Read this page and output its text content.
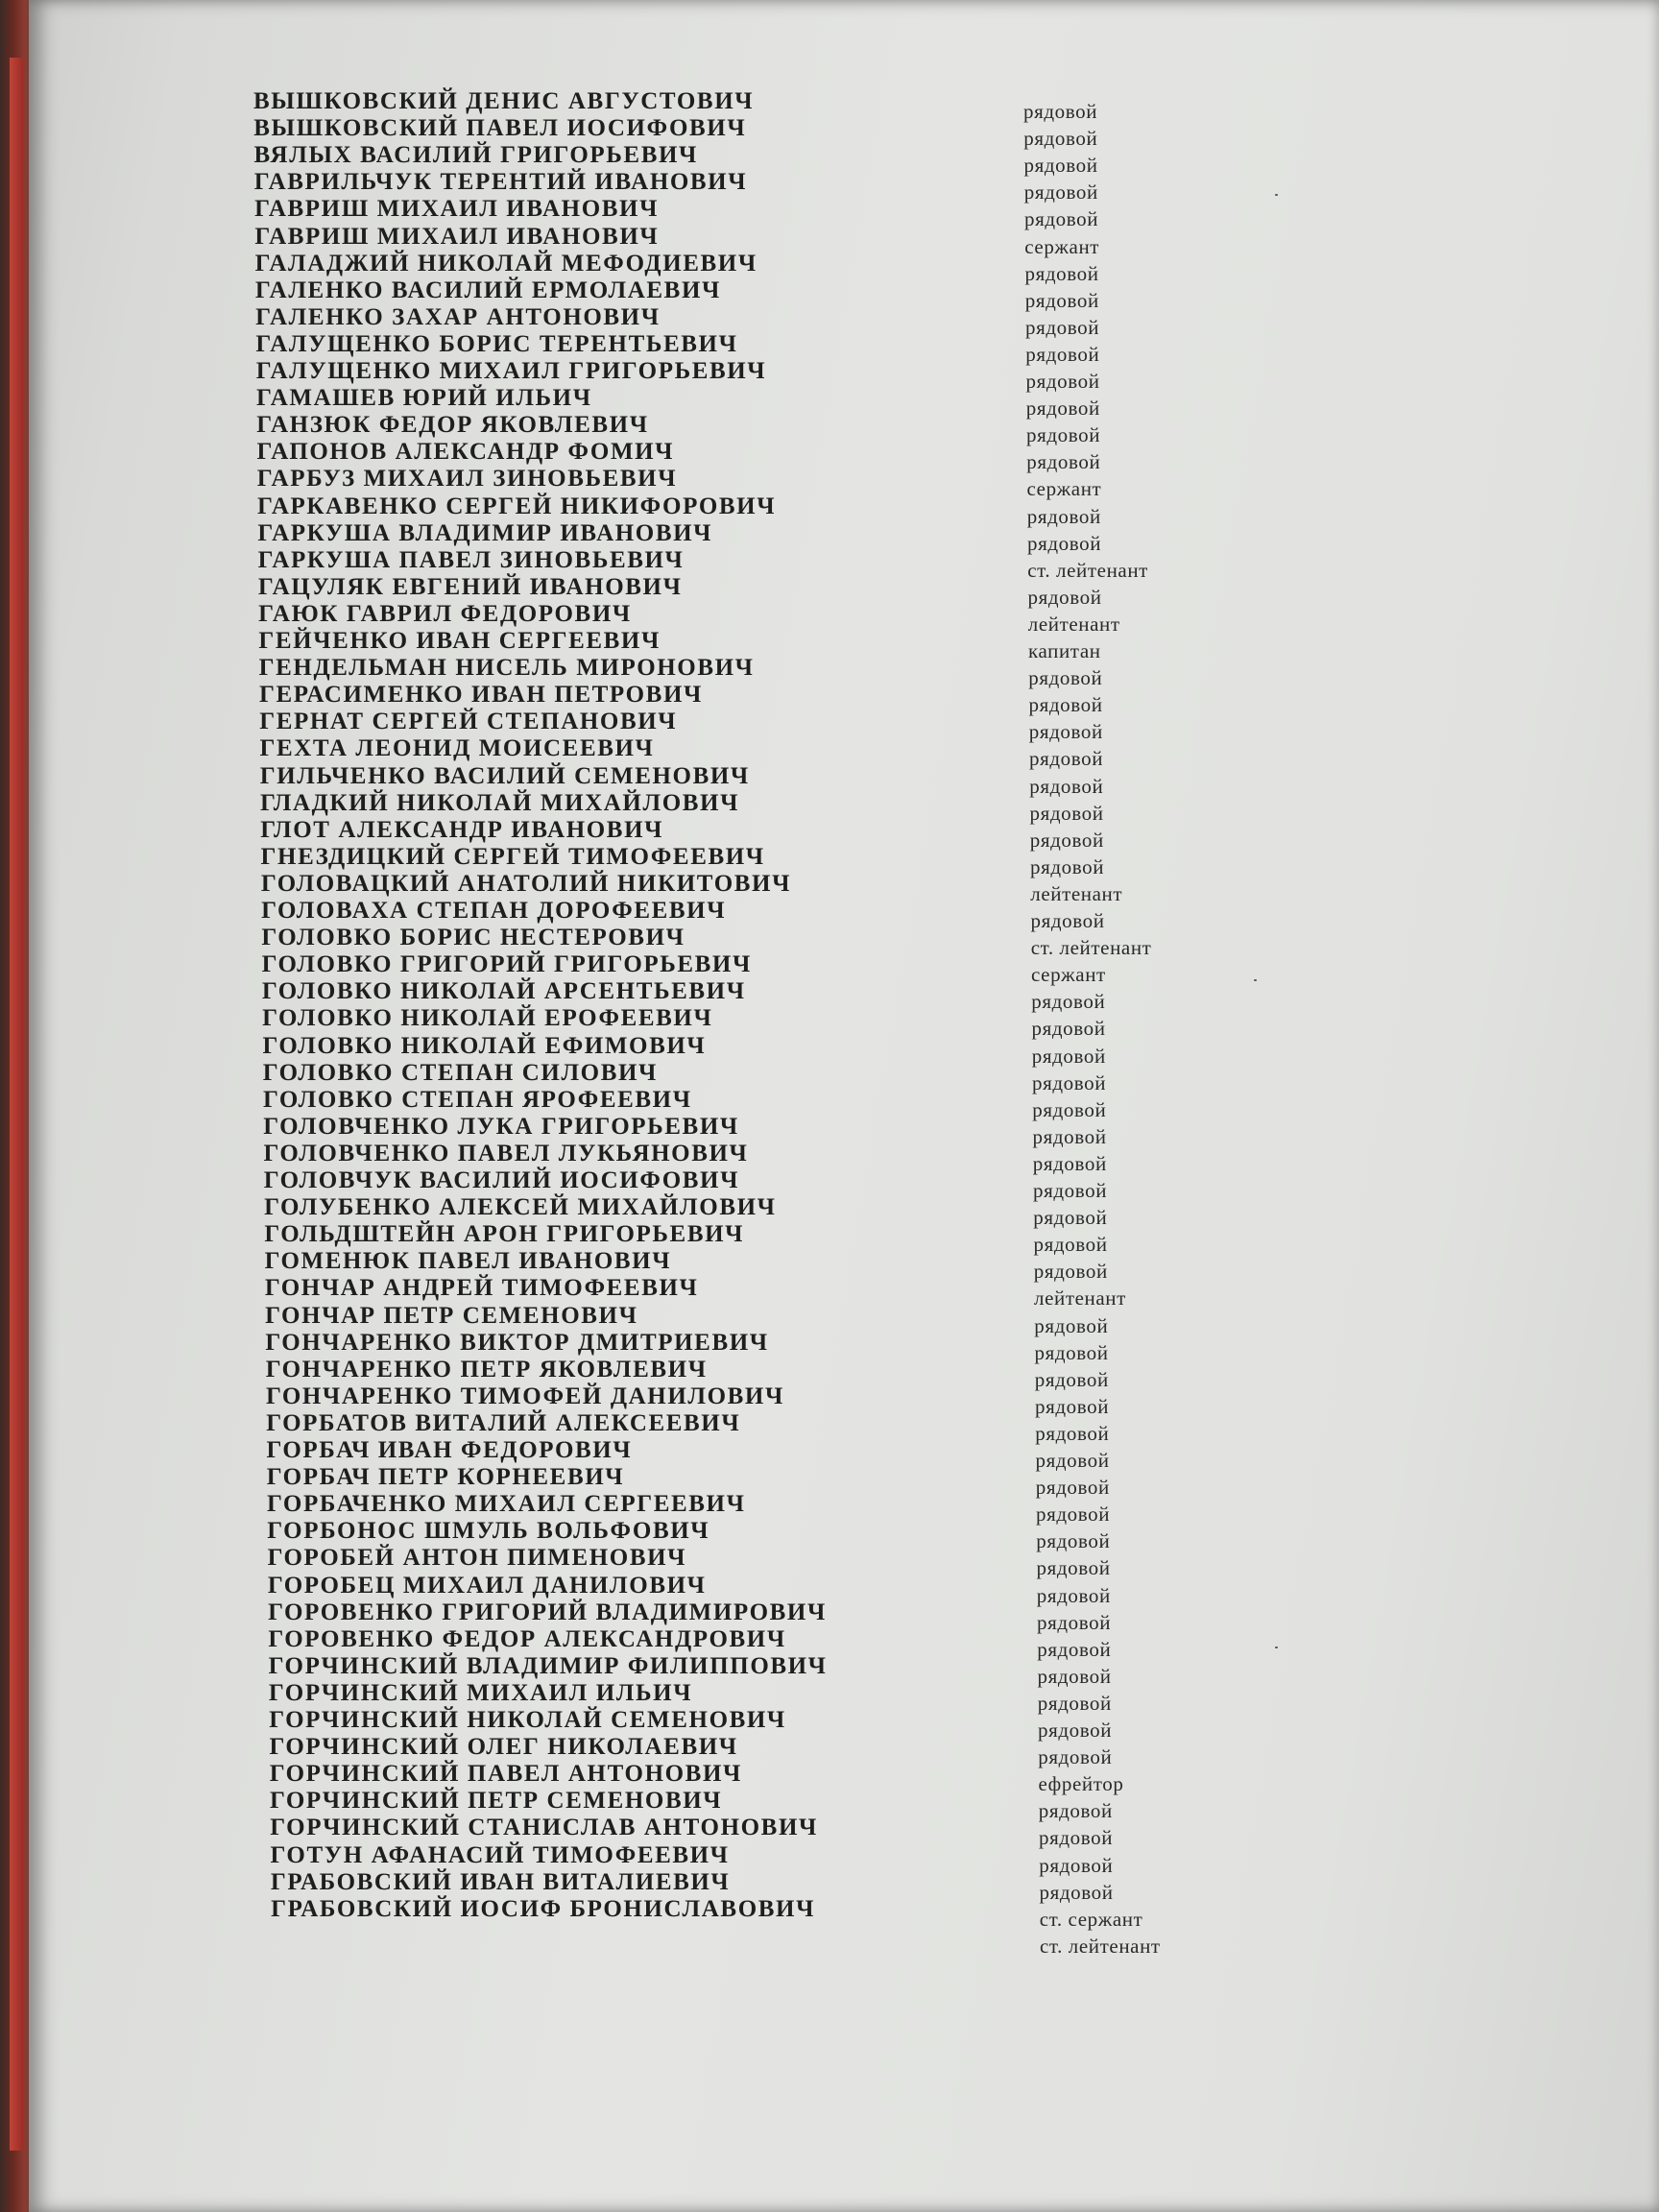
ВЫШКОВСКИЙ ДЕНИС АВГУСТОВИЧ	рядовой
ВЫШКОВСКИЙ ПАВЕЛ ИОСИФОВИЧ	рядовой
ВЯЛЫХ ВАСИЛИЙ ГРИГОРЬЕВИЧ	рядовой
ГАВРИЛЬЧУК ТЕРЕНТИЙ ИВАНОВИЧ	рядовой
ГАВРИШ МИХАИЛ ИВАНОВИЧ	рядовой
ГАВРИШ МИХАИЛ ИВАНОВИЧ	сержант
ГАЛАДЖИЙ НИКОЛАЙ МЕФОДИЕВИЧ	рядовой
ГАЛЕНКО ВАСИЛИЙ ЕРМОЛАЕВИЧ	рядовой
ГАЛЕНКО ЗАХАР АНТОНОВИЧ	рядовой
ГАЛУЩЕНКО БОРИС ТЕРЕНТЬЕВИЧ	рядовой
ГАЛУЩЕНКО МИХАИЛ ГРИГОРЬЕВИЧ	рядовой
ГАМАШЕВ ЮРИЙ ИЛЬИЧ	рядовой
ГАНЗЮК ФЕДОР ЯКОВЛЕВИЧ	рядовой
ГАПОНОВ АЛЕКСАНДР ФОМИЧ	рядовой
ГАРБУЗ МИХАИЛ ЗИНОВЬЕВИЧ	сержант
ГАРКАВЕНКО СЕРГЕЙ НИКИФОРОВИЧ	рядовой
ГАРКУША ВЛАДИМИР ИВАНОВИЧ	рядовой
ГАРКУША ПАВЕЛ ЗИНОВЬЕВИЧ	ст. лейтенант
ГАЦУЛЯК ЕВГЕНИЙ ИВАНОВИЧ	рядовой
ГАЮК ГАВРИЛ ФЕДОРОВИЧ	лейтенант
ГЕЙЧЕНКО ИВАН СЕРГЕЕВИЧ	капитан
ГЕНДЕЛЬМАН НИСЕЛЬ МИРОНОВИЧ	рядовой
ГЕРАСИМЕНКО ИВАН ПЕТРОВИЧ	рядовой
ГЕРНАТ СЕРГЕЙ СТЕПАНОВИЧ	рядовой
ГЕХТА ЛЕОНИД МОИСЕЕВИЧ	рядовой
ГИЛЬЧЕНКО ВАСИЛИЙ СЕМЕНОВИЧ	рядовой
ГЛАДКИЙ НИКОЛАЙ МИХАЙЛОВИЧ	рядовой
ГЛОТ АЛЕКСАНДР ИВАНОВИЧ	рядовой
ГНЕЗДИЦКИЙ СЕРГЕЙ ТИМОФЕЕВИЧ	рядовой
ГОЛОВАЦКИЙ АНАТОЛИЙ НИКИТОВИЧ	лейтенант
ГОЛОВАХА СТЕПАН ДОРОФЕЕВИЧ	рядовой
ГОЛОВКО БОРИС НЕСТЕРОВИЧ	ст. лейтенант
ГОЛОВКО ГРИГОРИЙ ГРИГОРЬЕВИЧ	сержант
ГОЛОВКО НИКОЛАЙ АРСЕНТЬЕВИЧ	рядовой
ГОЛОВКО НИКОЛАЙ ЕРОФЕЕВИЧ	рядовой
ГОЛОВКО НИКОЛАЙ ЕФИМОВИЧ	рядовой
ГОЛОВКО СТЕПАН СИЛОВИЧ	рядовой
ГОЛОВКО СТЕПАН ЯРОФЕЕВИЧ	рядовой
ГОЛОВЧЕНКО ЛУКА ГРИГОРЬЕВИЧ	рядовой
ГОЛОВЧЕНКО ПАВЕЛ ЛУКЬЯНОВИЧ	рядовой
ГОЛОВЧУК ВАСИЛИЙ ИОСИФОВИЧ	рядовой
ГОЛУБЕНКО АЛЕКСЕЙ МИХАЙЛОВИЧ	рядовой
ГОЛЬДШТЕЙН АРОН ГРИГОРЬЕВИЧ	рядовой
ГОМЕНЮК ПАВЕЛ ИВАНОВИЧ	рядовой
ГОНЧАР АНДРЕЙ ТИМОФЕЕВИЧ	лейтенант
ГОНЧАР ПЕТР СЕМЕНОВИЧ	рядовой
ГОНЧАРЕНКО ВИКТОР ДМИТРИЕВИЧ	рядовой
ГОНЧАРЕНКО ПЕТР ЯКОВЛЕВИЧ	рядовой
ГОНЧАРЕНКО ТИМОФЕЙ ДАНИЛОВИЧ	рядовой
ГОРБАТОВ ВИТАЛИЙ АЛЕКСЕЕВИЧ	рядовой
ГОРБАЧ ИВАН ФЕДОРОВИЧ	рядовой
ГОРБАЧ ПЕТР КОРНЕЕВИЧ	рядовой
ГОРБАЧЕНКО МИХАИЛ СЕРГЕЕВИЧ	рядовой
ГОРБОНОС ШМУЛЬ ВОЛЬФОВИЧ	рядовой
ГОРОБЕЙ АНТОН ПИМЕНОВИЧ	рядовой
ГОРОБЕЦ МИХАИЛ ДАНИЛОВИЧ	рядовой
ГОРОВЕНКО ГРИГОРИЙ ВЛАДИМИРОВИЧ	рядовой
ГОРОВЕНКО ФЕДОР АЛЕКСАНДРОВИЧ	рядовой
ГОРЧИНСКИЙ ВЛАДИМИР ФИЛИППОВИЧ	рядовой
ГОРЧИНСКИЙ МИХАИЛ ИЛЬИЧ	рядовой
ГОРЧИНСКИЙ НИКОЛАЙ СЕМЕНОВИЧ	рядовой
ГОРЧИНСКИЙ ОЛЕГ НИКОЛАЕВИЧ	рядовой
ГОРЧИНСКИЙ ПАВЕЛ АНТОНОВИЧ	ефрейтор
ГОРЧИНСКИЙ ПЕТР СЕМЕНОВИЧ	рядовой
ГОРЧИНСКИЙ СТАНИСЛАВ АНТОНОВИЧ	рядовой
ГОТУН АФАНАСИЙ ТИМОФЕЕВИЧ	рядовой
ГРАБОВСКИЙ ИВАН ВИТАЛИЕВИЧ	рядовой
ГРАБОВСКИЙ ИОСИФ БРОНИСЛАВОВИЧ	ст. сержант
ст. лейтенант
